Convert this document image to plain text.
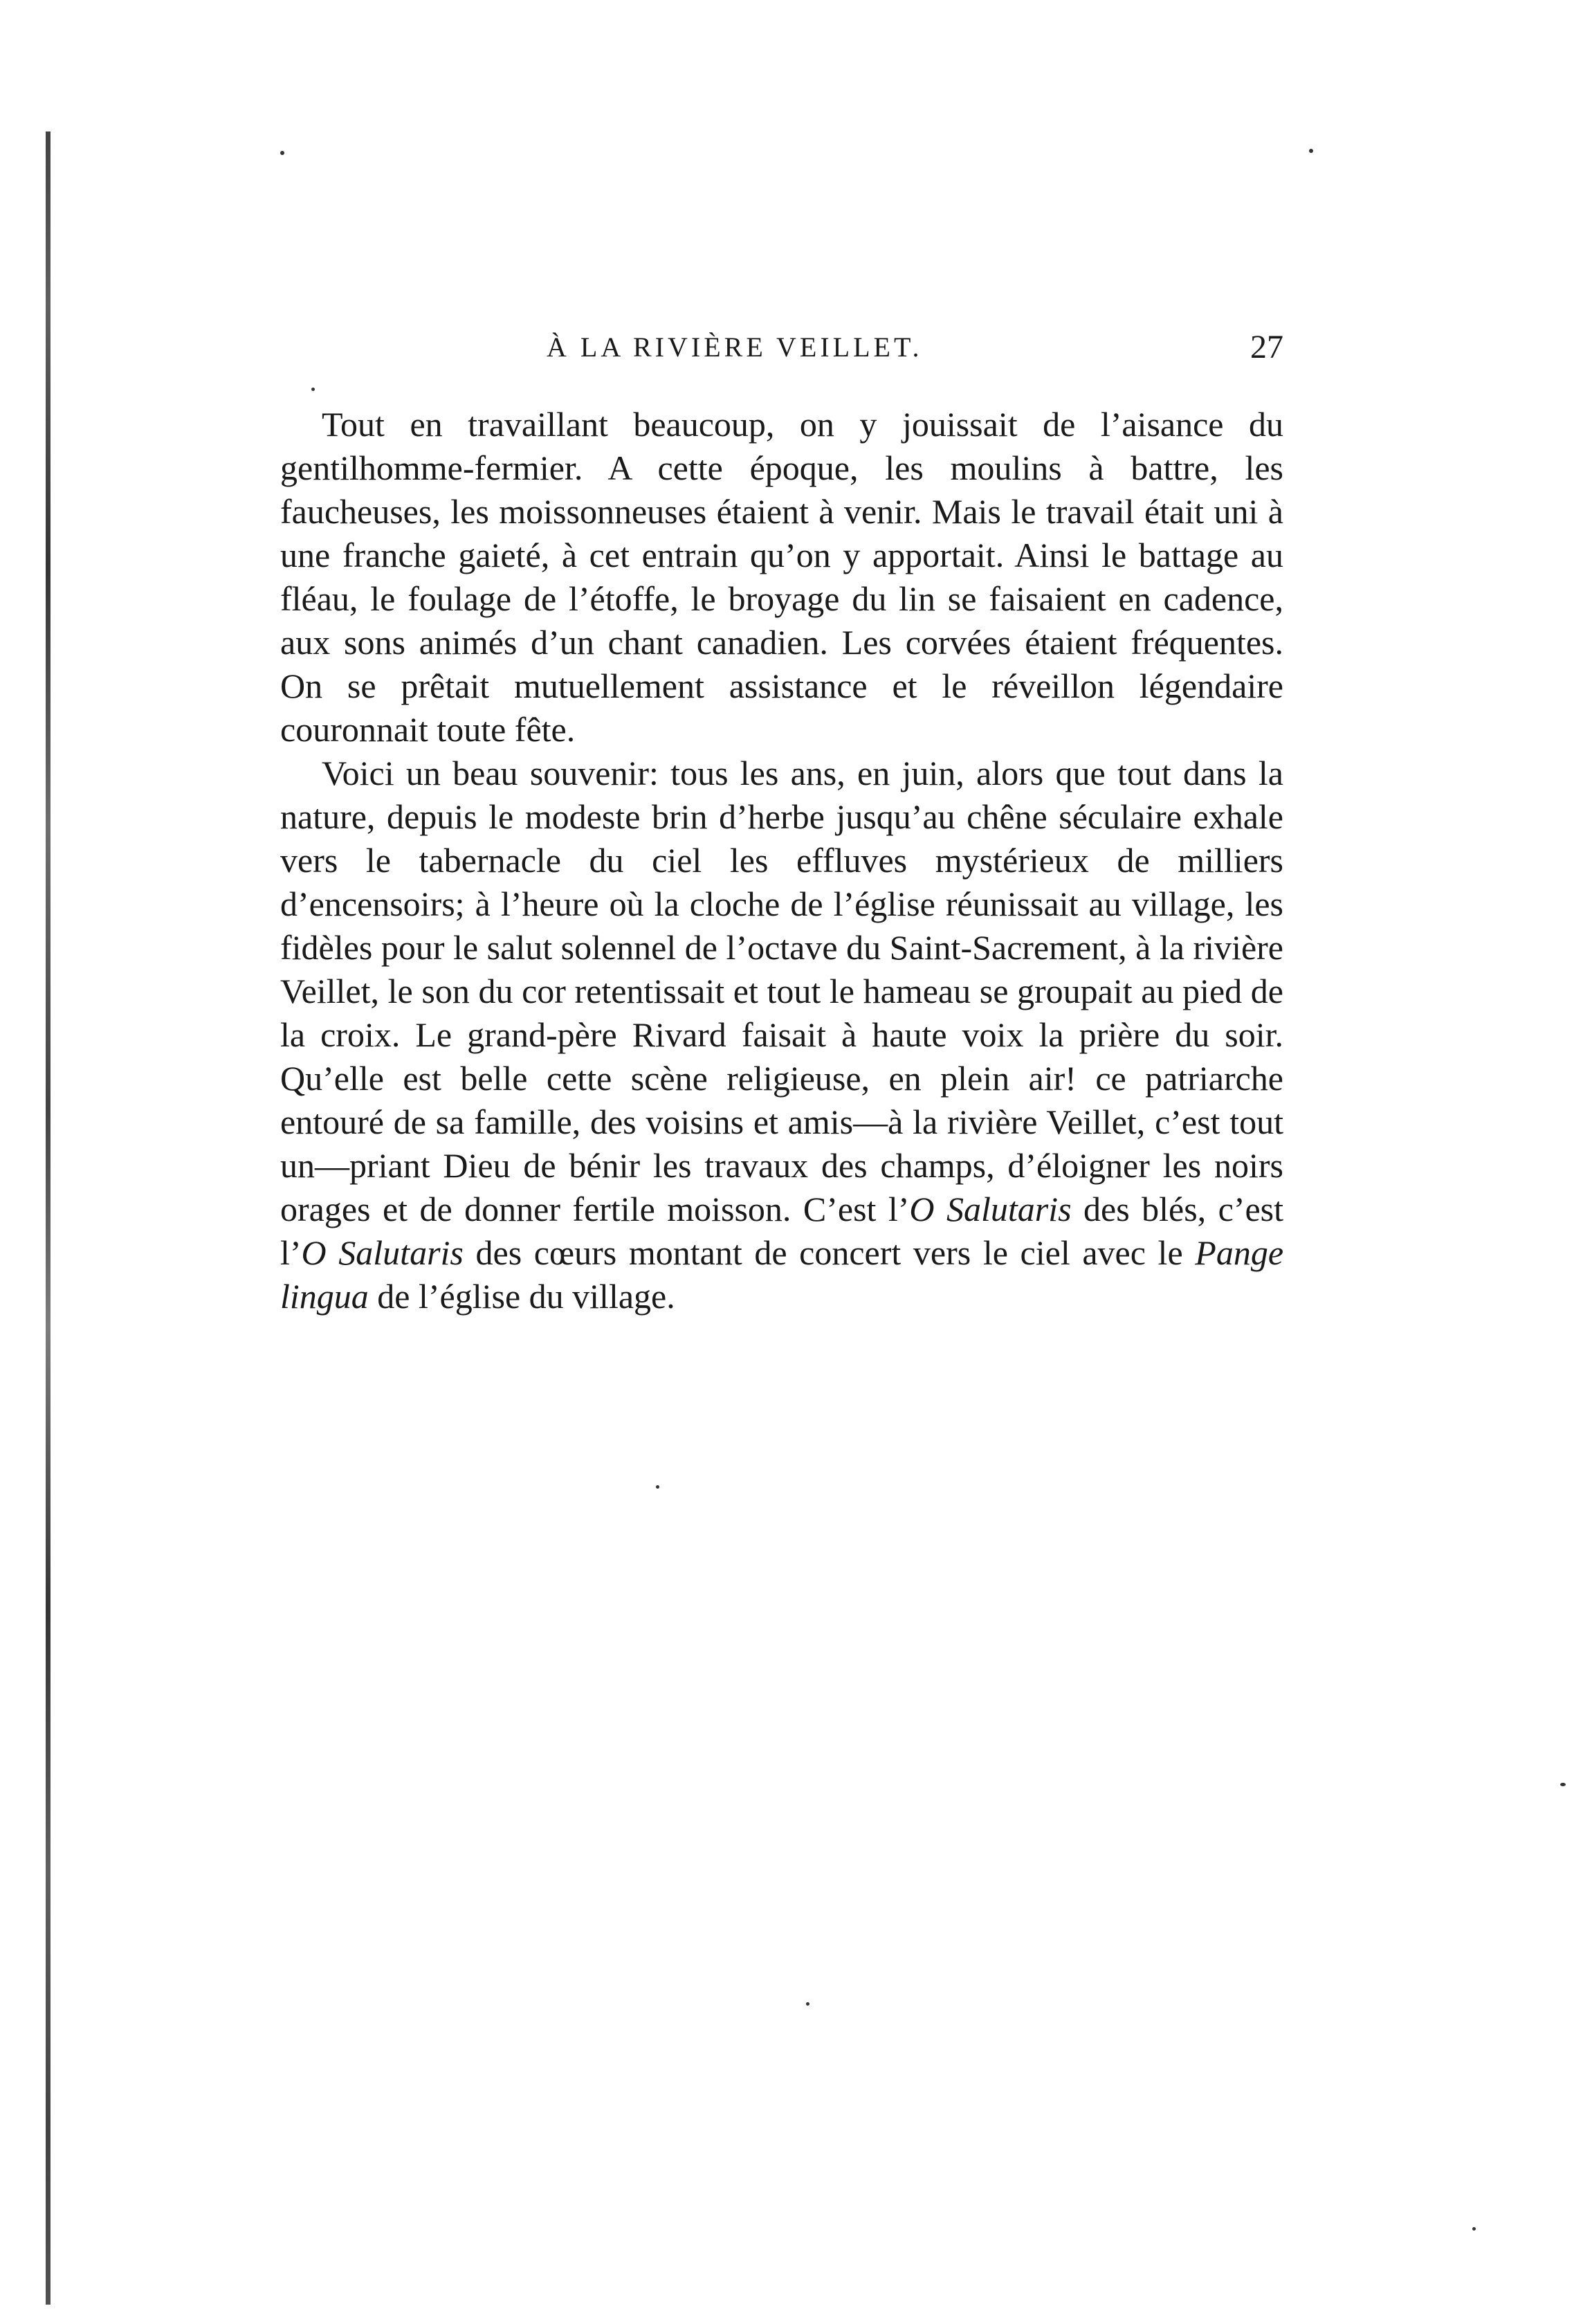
À LA RIVIÈRE VEILLET.	27

Tout en travaillant beaucoup, on y jouissait de l’aisance du gentilhomme-fermier. A cette époque, les moulins à battre, les faucheuses, les moissonneuses étaient à venir. Mais le travail était uni à une franche gaieté, à cet entrain qu’on y apportait. Ainsi le battage au fléau, le foulage de l’étoffe, le broyage du lin se faisaient en cadence, aux sons animés d’un chant canadien. Les corvées étaient fréquentes. On se prêtait mutuellement assistance et le réveillon légendaire couronnait toute fête.

Voici un beau souvenir: tous les ans, en juin, alors que tout dans la nature, depuis le modeste brin d’herbe jusqu’au chêne séculaire exhale vers le tabernacle du ciel les effluves mystérieux de milliers d’encensoirs; à l’heure où la cloche de l’église réunissait au village, les fidèles pour le salut solennel de l’octave du Saint-Sacrement, à la rivière Veillet, le son du cor retentissait et tout le hameau se groupait au pied de la croix. Le grand-père Rivard faisait à haute voix la prière du soir. Qu’elle est belle cette scène religieuse, en plein air! ce patriarche entouré de sa famille, des voisins et amis—à la rivière Veillet, c’est tout un—priant Dieu de bénir les travaux des champs, d’éloigner les noirs orages et de donner fertile moisson. C’est l’O Salutaris des blés, c’est l’O Salutaris des cœurs montant de concert vers le ciel avec le Pange lingua de l’église du village.
